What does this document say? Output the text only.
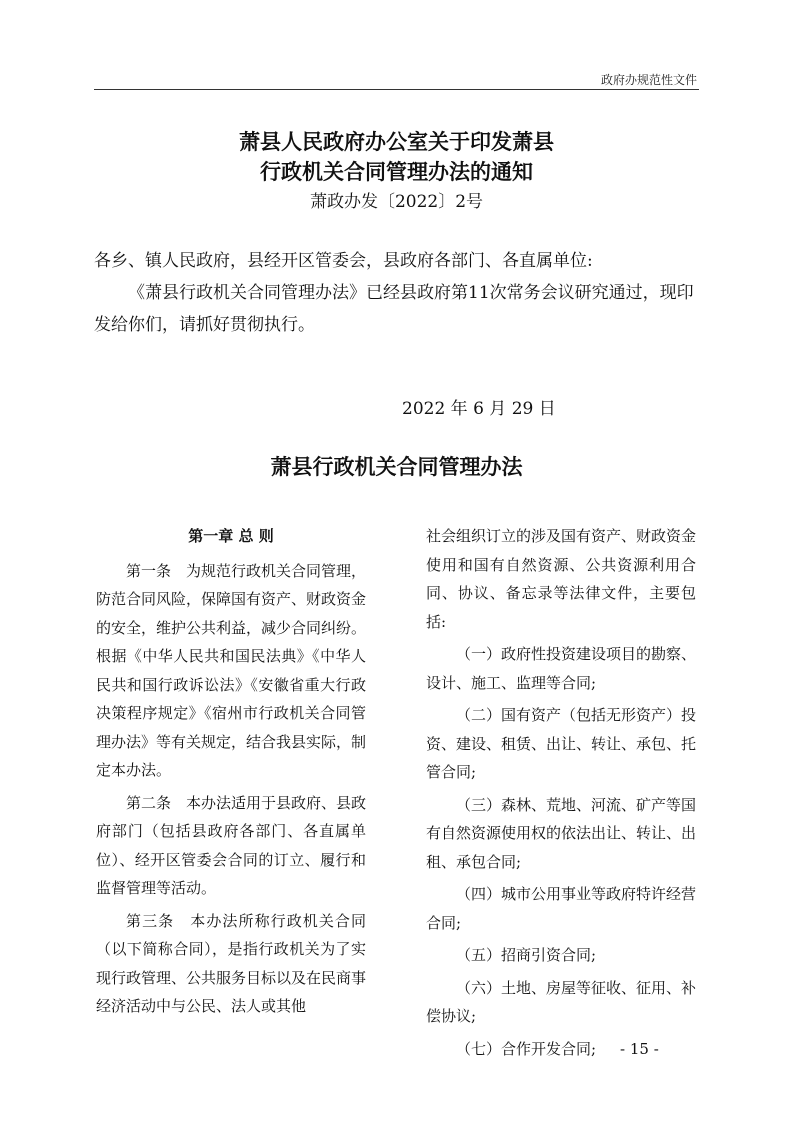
政府办规范性文件
萧县人民政府办公室关于印发萧县
行政机关合同管理办法的通知
萧政办发〔2022〕2号
各乡、镇人民政府，县经开区管委会，县政府各部门、各直属单位:
《萧县行政机关合同管理办法》已经县政府第11次常务会议研究通过，现印发给你们，请抓好贯彻执行。
2022 年 6 月 29 日
萧县行政机关合同管理办法
第一章 总 则

第一条　为规范行政机关合同管理，防范合同风险，保障国有资产、财政资金的安全，维护公共利益，减少合同纠纷。根据《中华人民共和国民法典》《中华人民共和国行政诉讼法》《安徽省重大行政决策程序规定》《宿州市行政机关合同管理办法》等有关规定，结合我县实际，制定本办法。

第二条　本办法适用于县政府、县政府部门（包括县政府各部门、各直属单位）、经开区管委会合同的订立、履行和监督管理等活动。

第三条　本办法所称行政机关合同（以下简称合同），是指行政机关为了实现行政管理、公共服务目标以及在民商事经济活动中与公民、法人或其他

社会组织订立的涉及国有资产、财政资金使用和国有自然资源、公共资源利用合同、协议、备忘录等法律文件，主要包括:

（一）政府性投资建设项目的勘察、设计、施工、监理等合同;

（二）国有资产（包括无形资产）投资、建设、租赁、出让、转让、承包、托管合同;

（三）森林、荒地、河流、矿产等国有自然资源使用权的依法出让、转让、出租、承包合同;

（四）城市公用事业等政府特许经营合同;

（五）招商引资合同;

（六）土地、房屋等征收、征用、补偿协议;

（七）合作开发合同;	- 15 -
